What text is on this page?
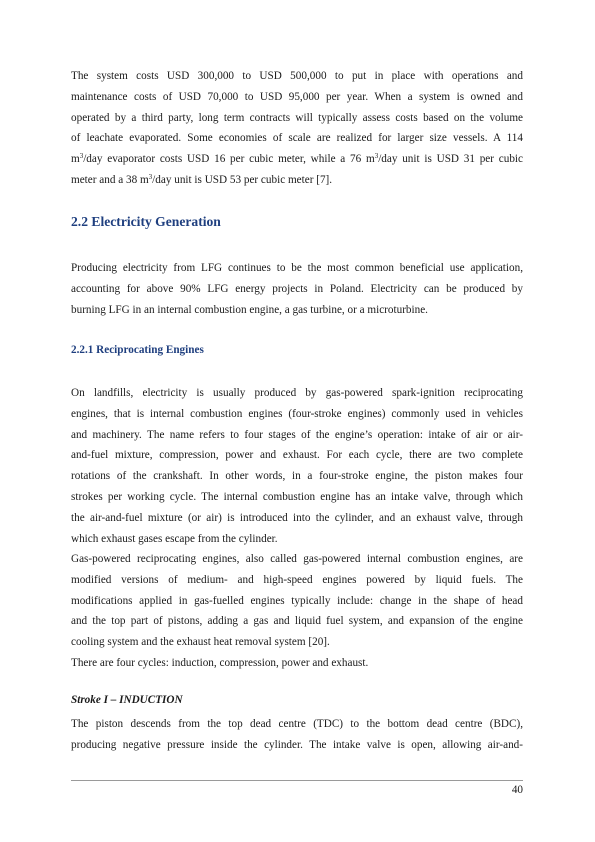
The system costs USD 300,000 to USD 500,000 to put in place with operations and
maintenance costs of USD 70,000 to USD 95,000 per year. When a system is owned and
operated by a third party, long term contracts will typically assess costs based on the volume
of leachate evaporated. Some economies of scale are realized for larger size vessels. A 114
$m^3$/day evaporator costs USD 16 per cubic meter, while a 76 $m^3$/day unit is USD 31 per cubic
meter and a 38 $m^3$/day unit is USD 53 per cubic meter [7].
2.2 Electricity Generation
Producing electricity from LFG continues to be the most common beneficial use application,
accounting for above 90% LFG energy projects in Poland. Electricity can be produced by
burning LFG in an internal combustion engine, a gas turbine, or a microturbine.
2.2.1 Reciprocating Engines
On landfills, electricity is usually produced by gas-powered spark-ignition reciprocating
engines, that is internal combustion engines (four-stroke engines) commonly used in vehicles
and machinery. The name refers to four stages of the engine’s operation: intake of air or air-
and-fuel mixture, compression, power and exhaust. For each cycle, there are two complete
rotations of the crankshaft. In other words, in a four-stroke engine, the piston makes four
strokes per working cycle. The internal combustion engine has an intake valve, through which
the air-and-fuel mixture (or air) is introduced into the cylinder, and an exhaust valve, through
which exhaust gases escape from the cylinder.
Gas-powered reciprocating engines, also called gas-powered internal combustion engines, are
modified versions of medium- and high-speed engines powered by liquid fuels. The
modifications applied in gas-fuelled engines typically include: change in the shape of head
and the top part of pistons, adding a gas and liquid fuel system, and expansion of the engine
cooling system and the exhaust heat removal system [20].
There are four cycles: induction, compression, power and exhaust.
Stroke I – INDUCTION
The piston descends from the top dead centre (TDC) to the bottom dead centre (BDC),
producing negative pressure inside the cylinder. The intake valve is open, allowing air-and-
40
